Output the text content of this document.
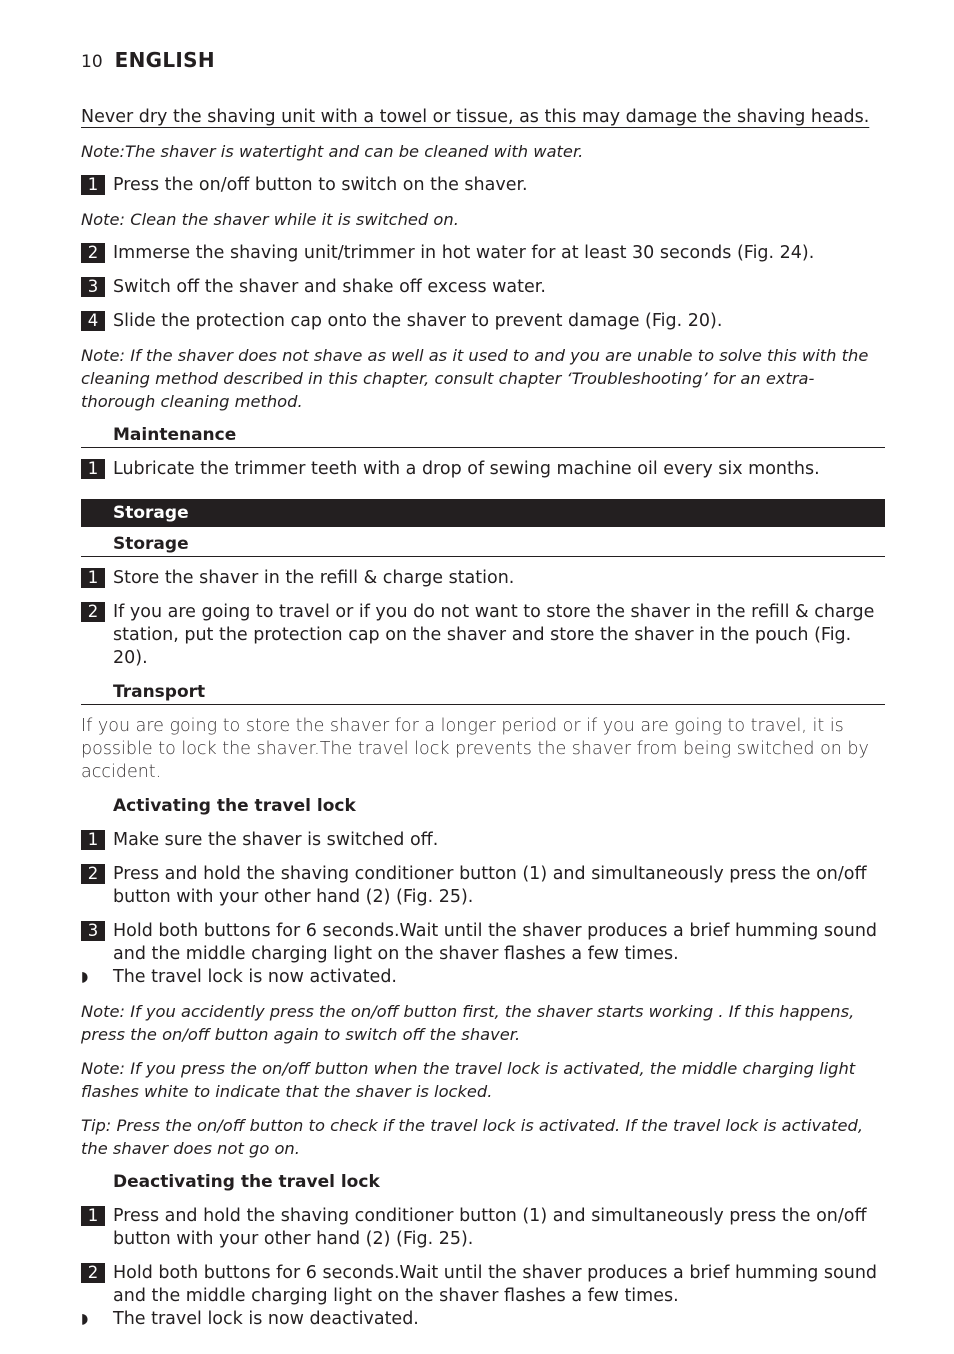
10 ENGLISH

Never dry the shaving unit with a towel or tissue, as this may damage the shaving heads.

Note:The shaver is watertight and can be cleaned with water.

1 Press the on/off button to switch on the shaver.

Note: Clean the shaver while it is switched on.

2 Immerse the shaving unit/trimmer in hot water for at least 30 seconds (Fig. 24).
3 Switch off the shaver and shake off excess water.
4 Slide the protection cap onto the shaver to prevent damage (Fig. 20).

Note: If the shaver does not shave as well as it used to and you are unable to solve this with the cleaning method described in this chapter, consult chapter ‘Troubleshooting’ for an extra-thorough cleaning method.

Maintenance
1 Lubricate the trimmer teeth with a drop of sewing machine oil every six months.
Storage
Storage
1 Store the shaver in the refill & charge station.
2 If you are going to travel or if you do not want to store the shaver in the refill & charge station, put the protection cap on the shaver and store the shaver in the pouch (Fig. 20).
Transport

If you are going to store the shaver for a longer period or if you are going to travel, it is possible to lock the shaver.The travel lock prevents the shaver from being switched on by accident.

Activating the travel lock
1 Make sure the shaver is switched off.
2 Press and hold the shaving conditioner button (1) and simultaneously press the on/off button with your other hand (2) (Fig. 25).
3 Hold both buttons for 6 seconds.Wait until the shaver produces a brief humming sound and the middle charging light on the shaver flashes a few times.
◗	The travel lock is now activated.

Note: If you accidently press the on/off button first, the shaver starts working . If this happens, press the on/off button again to switch off the shaver.

Note: If you press the on/off button when the travel lock is activated, the middle charging light flashes white to indicate that the shaver is locked.

Tip: Press the on/off button to check if the travel lock is activated. If the travel lock is activated, the shaver does not go on.

Deactivating the travel lock
1 Press and hold the shaving conditioner button (1) and simultaneously press the on/off button with your other hand (2) (Fig. 25).
2 Hold both buttons for 6 seconds.Wait until the shaver produces a brief humming sound and the middle charging light on the shaver flashes a few times.
◗	The travel lock is now deactivated.
